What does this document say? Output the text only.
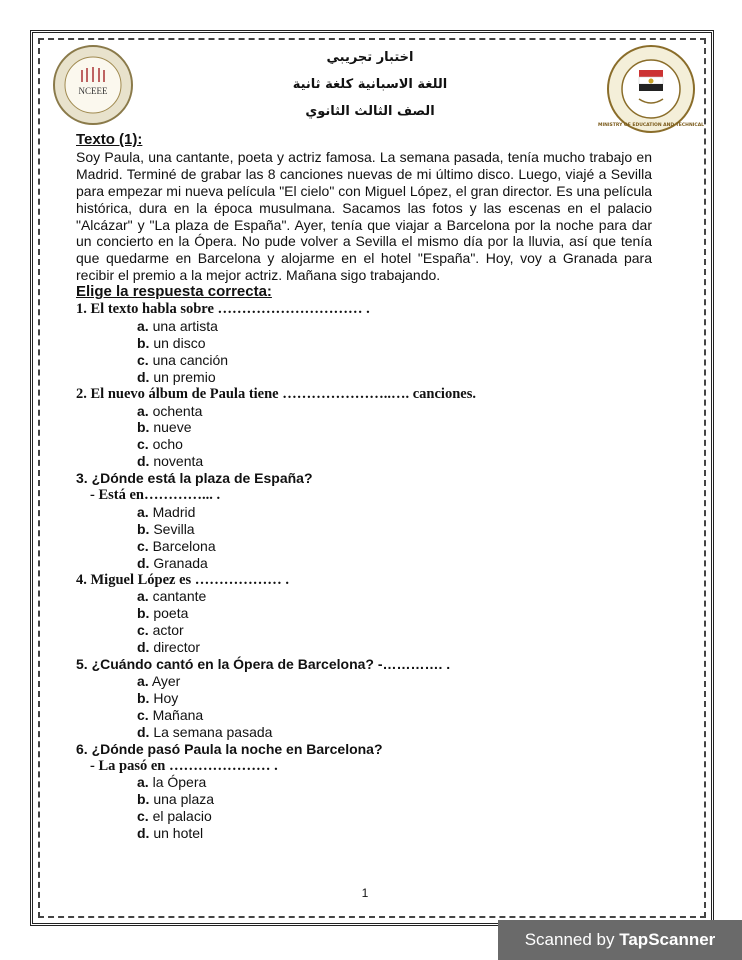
NCEEE
MINISTRY OF EDUCATION AND TECHNICAL
اختبار تجريبي
اللغة الاسبانية كلغة ثانية
الصف الثالث الثانوي
Texto (1):

Soy Paula, una cantante, poeta y actriz famosa. La semana pasada, tenía mucho trabajo en Madrid. Terminé de grabar las 8 canciones nuevas de mi último disco. Luego, viajé a Sevilla para empezar mi nueva película "El cielo" con Miguel López, el gran director. Es una película histórica, dura en la época musulmana. Sacamos las fotos y las escenas en el palacio "Alcázar" y "La plaza de España". Ayer, tenía que viajar a Barcelona por la noche para dar un concierto en la Ópera. No pude volver a Sevilla el mismo día por la lluvia, así que tenía que quedarme en Barcelona y alojarme en el hotel "España". Hoy, voy a Granada para recibir el premio a la mejor actriz. Mañana sigo trabajando.

Elige la respuesta correcta:
1. El texto habla sobre ………………………… .
a. una artista
b. un disco
c. una canción
d. un premio
2. El nuevo álbum de Paula tiene …………………..…. canciones.
a. ochenta
b. nueve
c. ocho
d. noventa
3. ¿Dónde está la plaza de España?
- Está en…………... .
a. Madrid
b. Sevilla
c. Barcelona
d. Granada
4. Miguel López es ……………… .
a. cantante
b. poeta
c. actor
d. director
5. ¿Cuándo cantó en la Ópera de Barcelona? -…………. .
a. Ayer
b. Hoy
c. Mañana
d. La semana pasada
6. ¿Dónde pasó Paula la noche en Barcelona?
- La pasó en ………………… .
a. la Ópera
b. una plaza
c. el palacio
d. un hotel
1
Scanned by TapScanner
